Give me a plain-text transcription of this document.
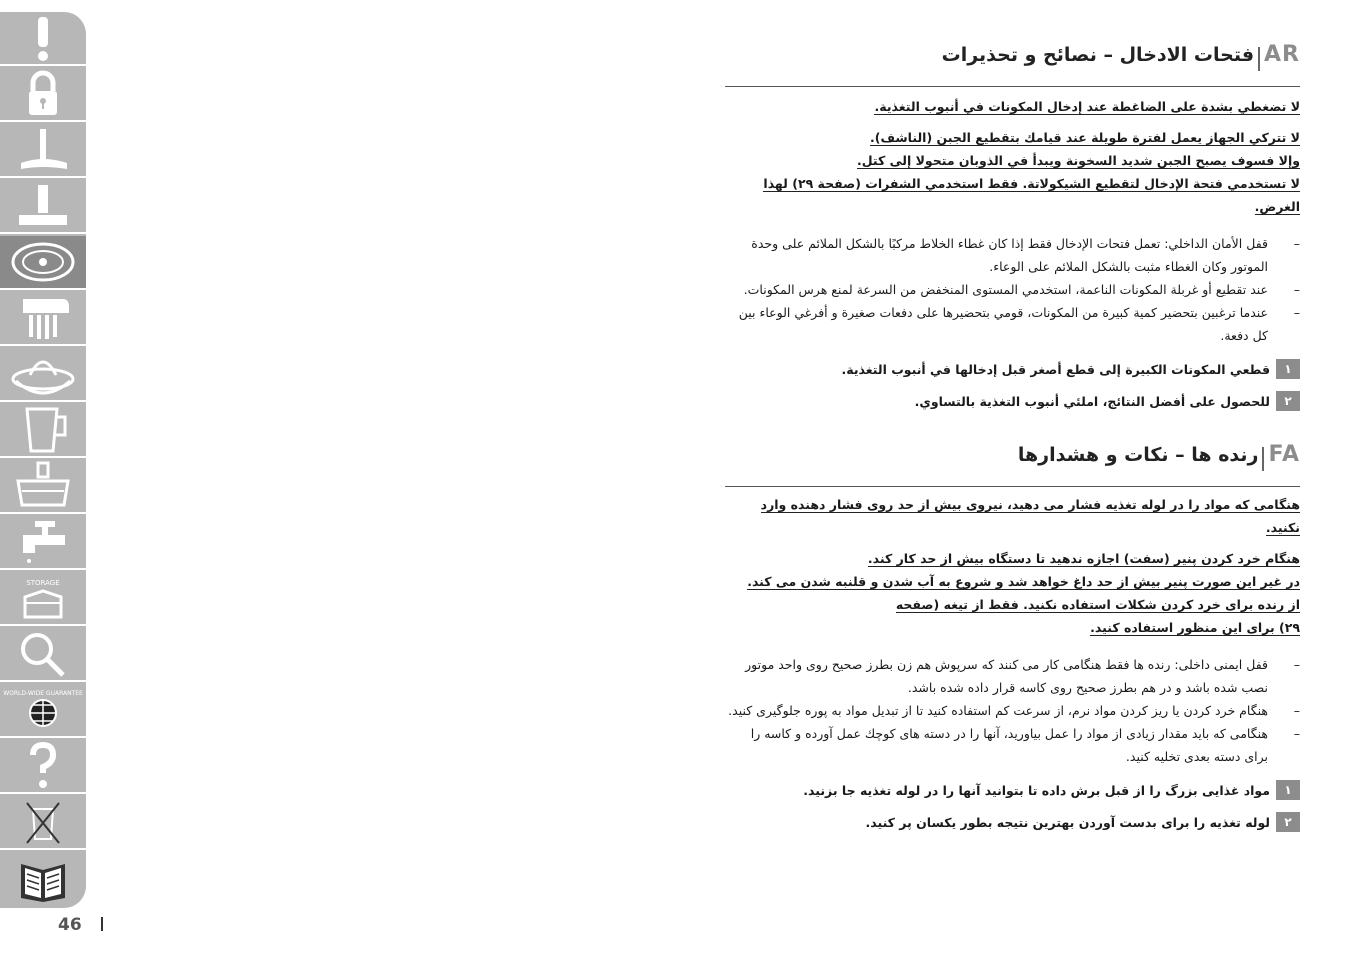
STORAGE
WORLD-WIDE GUARANTEE
46
AR
فتحات الادخال – نصائح و تحذيرات
لا تضغطي بشدة على الضاغطة عند إدخال المكونات في أنبوب التغذية.
لا تتركي الجهاز يعمل لفترة طويلة عند قيامك بتقطيع الجبن (الناشف).
وإلا فسوف يصبح الجبن شديد السخونة ويبدأ في الذوبان متحولا إلى كتل.
لا تستخدمي فتحة الإدخال لتقطيع الشيكولاتة. فقط استخدمي الشفرات (صفحة ٢٩) لهذا الغرض.
– قفل الأمان الداخلي: تعمل فتحات الإدخال فقط إذا كان غطاء الخلاط مركبًا بالشكل الملائم على وحدة الموتور وكان الغطاء مثبت بالشكل الملائم على الوعاء.
– عند تقطيع أو غربلة المكونات الناعمة، استخدمي المستوى المنخفض من السرعة لمنع هرس المكونات.
– عندما ترغبين بتحضير كمية كبيرة من المكونات، قومي بتحضيرها على دفعات صغيرة و أفرغي الوعاء بين كل دفعة.
١
قطعي المكونات الكبيرة إلى قطع أصغر قبل إدخالها في أنبوب التغذية.
٢
للحصول على أفضل النتائج، املئي أنبوب التغذية بالتساوي.
FA
رنده ها – نکات و هشدارها
هنگامی که مواد را در لوله تغذیه فشار می دهید، نیروی بیش از حد روی فشار دهنده وارد نکنید.
هنگام خرد کردن پنیر (سفت) اجازه ندهید تا دستگاه بیش از حد کار کند.
در غیر این صورت پنیر بیش از حد داغ خواهد شد و شروع به آب شدن و قلنبه شدن می کند.
از رنده برای خرد کردن شکلات استفاده نکنید. فقط از تیغه (صفحه ٢٩) برای این منظور استفاده کنید.
– قفل ایمنی داخلی: رنده ها فقط هنگامی کار می کنند که سرپوش هم زن بطرز صحیح روی واحد موتور نصب شده باشد و در هم بطرز صحیح روی کاسه قرار داده شده باشد.
– هنگام خرد کردن یا ریز کردن مواد نرم، از سرعت کم استفاده کنید تا از تبدیل مواد به پوره جلوگیری کنید.
– هنگامی که باید مقدار زیادی از مواد را عمل بیاورید، آنها را در دسته های کوچك عمل آورده و کاسه را برای دسته بعدی تخلیه کنید.
١
مواد غذایی بزرگ را از قبل برش داده تا بتوانید آنها را در لوله تغذیه جا بزنید.
٢
لوله تغذیه را برای بدست آوردن بهترین نتیجه بطور یکسان پر کنید.
